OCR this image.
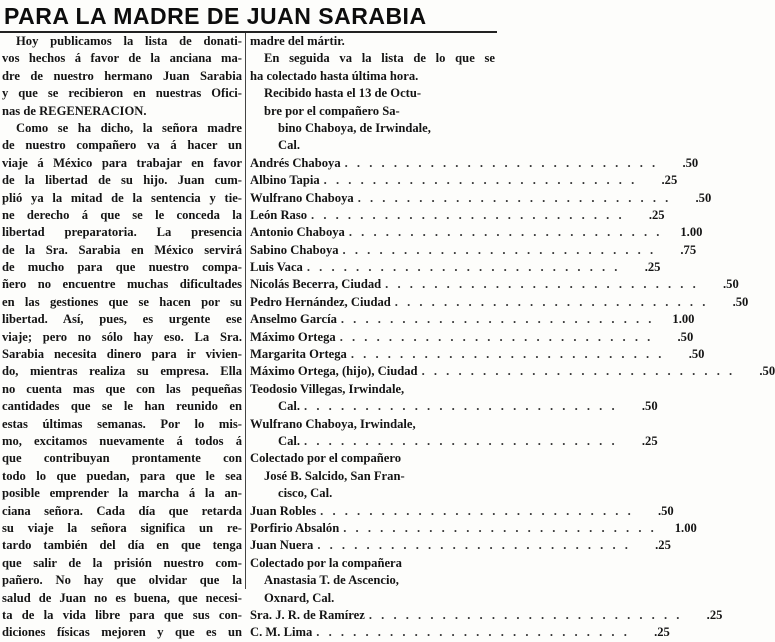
PARA LA MADRE DE JUAN SARABIA
Hoy publicamos la lista de donati-
vos hechos á favor de la anciana ma-
dre de nuestro hermano Juan Sarabia
y que se recibieron en nuestras Ofici-
nas de REGENERACION.
Como se ha dicho, la señora madre
de nuestro compañero va á hacer un
viaje á México para trabajar en favor
de la libertad de su hijo. Juan cum-
plió ya la mitad de la sentencia y tie-
ne derecho á que se le conceda la
libertad preparatoria. La presencia
de la Sra. Sarabia en México servirá
de mucho para que nuestro compa-
ñero no encuentre muchas dificultades
en las gestiones que se hacen por su
libertad. Así, pues, es urgente ese
viaje; pero no sólo hay eso. La Sra.
Sarabia necesita dinero para ir vivien-
do, mientras realiza su empresa. Ella
no cuenta mas que con las pequeñas
cantidades que se le han reunido en
estas últimas semanas. Por lo mis-
mo, excitamos nuevamente á todos á
que contribuyan prontamente con
todo lo que puedan, para que le sea
posible emprender la marcha á la an-
ciana señora. Cada día que retarda
su viaje la señora significa un re-
tardo también del día en que tenga
que salir de la prisión nuestro com-
pañero. No hay que olvidar que la
salud de Juan no es buena, que necesi-
ta de la vida libre para que sus con-
diciones físicas mejoren y que es un
madre del mártir.
En seguida va la lista de lo que se
ha colectado hasta última hora.
Recibido hasta el 13 de Octu-
bre por el compañero Sa-
bino Chaboya, de Irwindale,
Cal.
Andrés Chaboya . . . . . . . . . . . . . . . . . . . . . . . . . .	.50
Albino Tapia . . . . . . . . . . . . . . . . . . . . . . . . . .	.25
Wulfrano Chaboya . . . . . . . . . . . . . . . . . . . . . . . . . .	.50
León Raso . . . . . . . . . . . . . . . . . . . . . . . . . .	.25
Antonio Chaboya . . . . . . . . . . . . . . . . . . . . . . . . . .	1.00
Sabino Chaboya . . . . . . . . . . . . . . . . . . . . . . . . . .	.75
Luis Vaca . . . . . . . . . . . . . . . . . . . . . . . . . .	.25
Nicolás Becerra, Ciudad . . . . . . . . . . . . . . . . . . . . . . . . . .	.50
Pedro Hernández, Ciudad . . . . . . . . . . . . . . . . . . . . . . . . . .	.50
Anselmo García . . . . . . . . . . . . . . . . . . . . . . . . . .	1.00
Máximo Ortega . . . . . . . . . . . . . . . . . . . . . . . . . .	.50
Margarita Ortega . . . . . . . . . . . . . . . . . . . . . . . . . .	.50
Máximo Ortega, (hijo), Ciudad . . . . . . . . . . . . . . . . . . . . . . . . . .	.50
Teodosio Villegas, Irwindale,
Cal. . . . . . . . . . . . . . . . . . . . . . . . . . .	.50
Wulfrano Chaboya, Irwindale,
Cal. . . . . . . . . . . . . . . . . . . . . . . . . . .	.25
Colectado por el compañero
José B. Salcido, San Fran-
cisco, Cal.
Juan Robles . . . . . . . . . . . . . . . . . . . . . . . . . .	.50
Porfirio Absalón . . . . . . . . . . . . . . . . . . . . . . . . . .	1.00
Juan Nuera . . . . . . . . . . . . . . . . . . . . . . . . . .	.25
Colectado por la compañera
Anastasia T. de Ascencio,
Oxnard, Cal.
Sra. J. R. de Ramírez . . . . . . . . . . . . . . . . . . . . . . . . . .	.25
C. M. Lima . . . . . . . . . . . . . . . . . . . . . . . . . .	.25
